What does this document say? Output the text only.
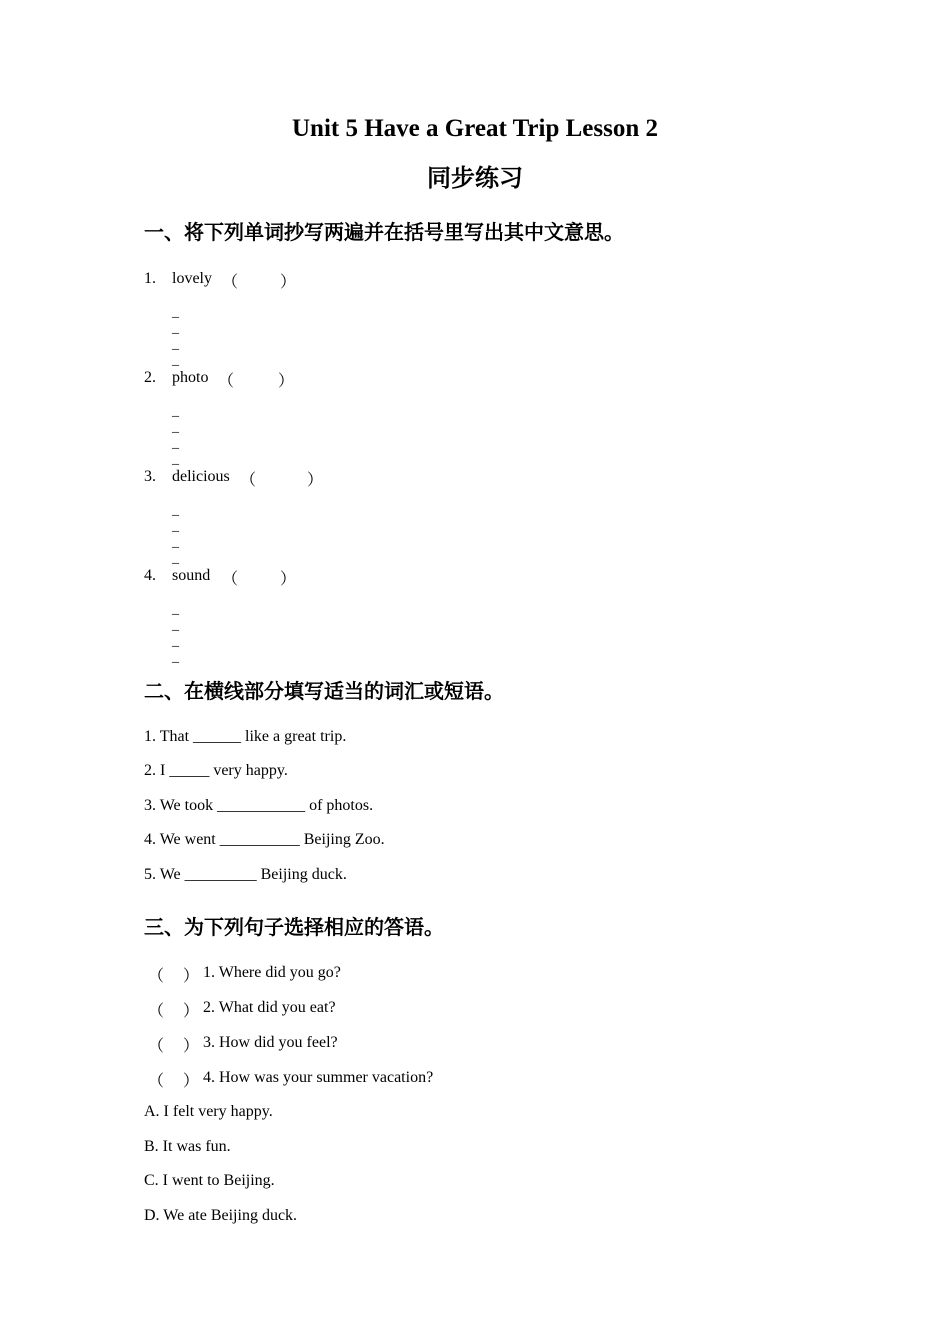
Unit 5 Have a Great Trip Lesson 2
同步练习
一、将下列单词抄写两遍并在括号里写出其中文意思。
1. lovely （	）
_
_
_
_
2. photo （	）
_
_
_
_
3. delicious （	）
_
_
_
_
4. sound （	）
_
_
_
_
二、在横线部分填写适当的词汇或短语。
1. That ______ like a great trip.
2. I _____ very happy.
3. We took ___________ of photos.
4. We went __________ Beijing Zoo.
5. We _________ Beijing duck.
三、为下列句子选择相应的答语。
（ ） 1. Where did you go?
（ ） 2. What did you eat?
（ ） 3. How did you feel?
（ ） 4. How was your summer vacation?
A. I felt very happy.
B. It was fun.
C. I went to Beijing.
D. We ate Beijing duck.
